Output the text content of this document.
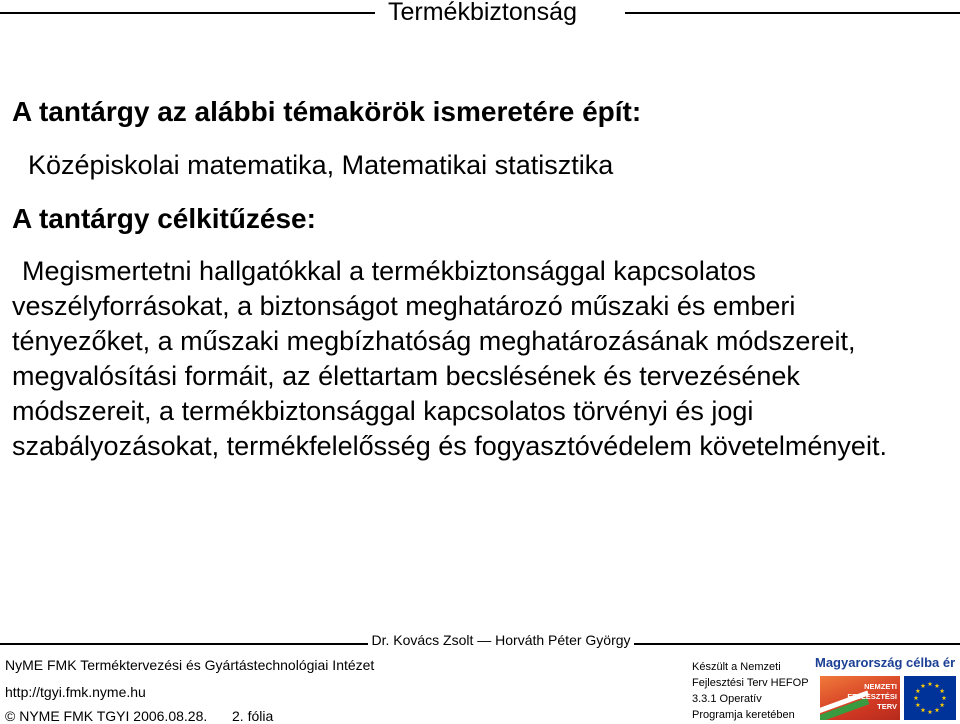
Termékbiztonság
A tantárgy az alábbi témakörök ismeretére épít:
Középiskolai matematika, Matematikai statisztika
A tantárgy célkitűzése:
Megismertetni hallgatókkal a termékbiztonsággal kapcsolatos
veszélyforrásokat, a biztonságot meghatározó műszaki és emberi
tényezőket, a műszaki megbízhatóság meghatározásának módszereit,
megvalósítási formáit, az élettartam becslésének és tervezésének
módszereit, a termékbiztonsággal kapcsolatos törvényi és jogi
szabályozásokat, termékfelelősség és fogyasztóvédelem követelményeit.
Dr. Kovács Zsolt — Horváth Péter György
NyME FMK Terméktervezési és Gyártástechnológiai Intézet
http://tgyi.fmk.nyme.hu
© NYME FMK TGYI 2006.08.28. 2. fólia
Készült a Nemzeti
Fejlesztési Terv HEFOP
3.3.1 Operatív
Programja keretében
Magyarország célba ér
NEMZETI
FEJLESZTÉSI
TERV
